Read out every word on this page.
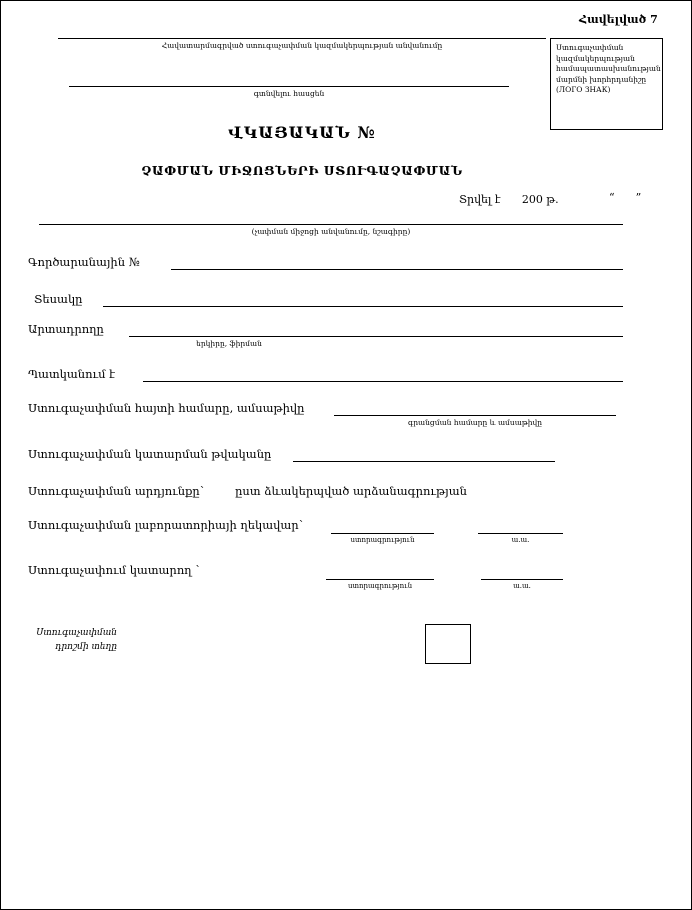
Հավելված 7
Հավատարմագրված ստուգաչափման կազմակերպության անվանումը	Ստուգաչափման կազմակերպության համապատասխանության մարմնի խորհրդանիշը (ЛОГО ЗНАК)
գտնվելու հասցեն
ՎԿԱՅԱԿԱՆ №
ՉԱՓՄԱՆ ՄԻՋՈՑՆԵՐԻ ՍՏՈՒԳԱՉԱՓՄԱՆ
Տրվել է 200 թ.	“      ”
(չափման միջոցի անվանումը, նշագիրը)
Գործարանային №
Տեսակը
Արտադրողը
երկիրը, ֆիրման
Պատկանում է
Ստուգաչափման հայտի համարը, ամսաթիվը
գրանցման համարը և ամսաթիվը
Ստուգաչափման կատարման թվականը
Ստուգաչափման արդյունքը`	ըստ ձևակերպված արձանագրության
Ստուգաչափման լաբորատորիայի ղեկավար`
ստորագրություն	ա.ա.
Ստուգաչափում կատարող `
ստորագրություն	ա.ա.
Ստուգաչափման
դրոշմի տեղը
